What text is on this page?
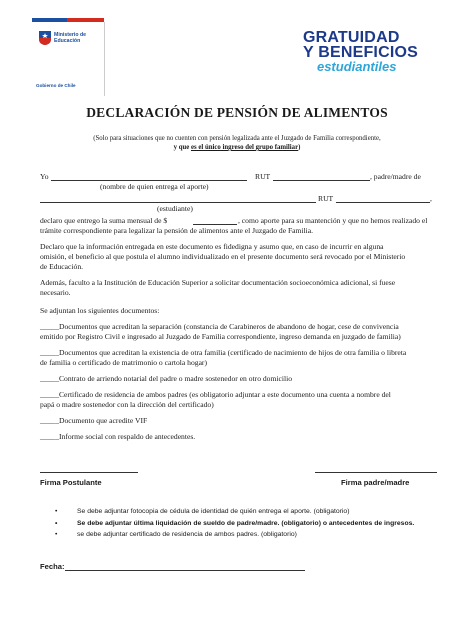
Ministerio de
Educación
Gobierno de Chile
GRATUIDAD
Y BENEFICIOS
estudiantiles
DECLARACIÓN DE PENSIÓN DE ALIMENTOS
(Solo para situaciones que no cuenten con pensión legalizada ante el Juzgado de Familia correspondiente,
y que es el único ingreso del grupo familiar)
Yo	RUT	, padre/madre de
(nombre de quien entrega el aporte)
RUT	,
(estudiante)
declaro que entrego la suma mensual de $	, como aporte para su mantención y que no hemos realizado el
trámite correspondiente para legalizar la pensión de alimentos ante el Juzgado de Familia.
Declaro que la información entregada en este documento es fidedigna y asumo que, en caso de incurrir en alguna
omisión, el beneficio al que postula el alumno individualizado en el presente documento será revocado por el Ministerio
de Educación.
Además, faculto a la Institución de Educación Superior a solicitar documentación socioeconómica adicional, si fuese
necesario.
Se adjuntan los siguientes documentos:
_____Documentos que acreditan la separación (constancia de Carabineros de abandono de hogar, cese de convivencia
emitido por Registro Civil e ingresado al Juzgado de Familia correspondiente, ingreso demanda en juzgado de familia)
_____Documentos que acreditan la existencia de otra familia (certificado de nacimiento de hijos de otra familia o libreta
de familia o certificado de matrimonio o cartola hogar)
_____Contrato de arriendo notarial del padre o madre sostenedor en otro domicilio
_____Certificado de residencia de ambos padres (es obligatorio adjuntar a este documento una cuenta a nombre del
papá o madre sostenedor con la dirección del certificado)
_____Documento que acredite VIF
_____Informe social con respaldo de antecedentes.
Firma Postulante	Firma padre/madre
•	Se debe adjuntar fotocopia de cédula de identidad de quién entrega el aporte. (obligatorio)
•	Se debe adjuntar última liquidación de sueldo de padre/madre. (obligatorio) o antecedentes de ingresos.
•	se debe adjuntar certificado de residencia de ambos padres. (obligatorio)
Fecha:
